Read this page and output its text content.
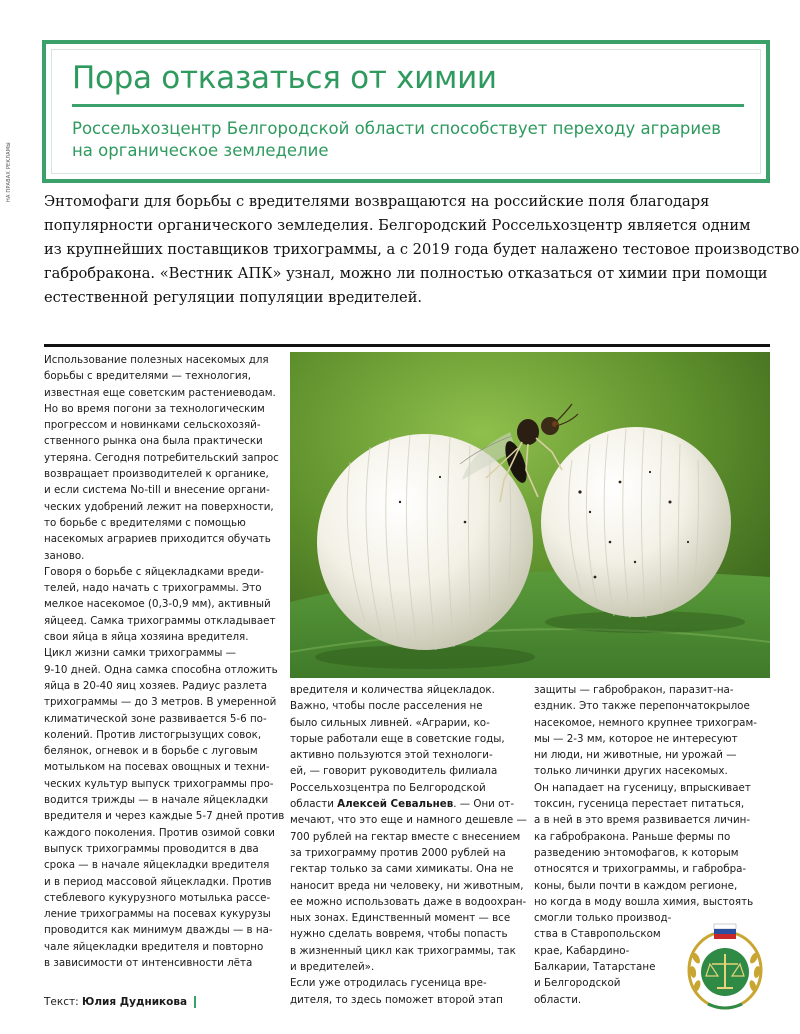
НА ПРАВАХ РЕКЛАМЫ
Пора отказаться от химии
Россельхозцентр Белгородской области способствует переходу аграриев на органическое земледелие

Энтомофаги для борьбы с вредителями возвращаются на российские поля благодаря

популярности органического земледелия. Белгородский Россельхозцентр является одним

из крупнейших поставщиков трихограммы, а с 2019 года будет налажено тестовое производство

габробракона. «Вестник АПК» узнал, можно ли полностью отказаться от химии при помощи

естественной регуляции популяции вредителей.

Использование полезных насекомых для

борьбы с вредителями — технология,

известная еще советским растениеводам.

Но во время погони за технологическим

прогрессом и новинками сельскохозяй-

ственного рынка она была практически

утеряна. Сегодня потребительский запрос

возвращает производителей к органике,

и если система No-till и внесение органи-

ческих удобрений лежит на поверхности,

то борьбе с вредителями с помощью

насекомых аграриев приходится обучать

заново.

Говоря о борьбе с яйцекладками вреди-

телей, надо начать с трихограммы. Это

мелкое насекомое (0,3-0,9 мм), активный

яйцеед. Самка трихограммы откладывает

свои яйца в яйца хозяина вредителя.

Цикл жизни самки трихограммы —

9-10 дней. Одна самка способна отложить

яйца в 20-40 яиц хозяев. Радиус разлета

трихограммы — до 3 метров. В умеренной

климатической зоне развивается 5-6 по-

колений. Против листогрызущих совок,

белянок, огневок и в борьбе с луговым

мотыльком на посевах овощных и техни-

ческих культур выпуск трихограммы про-

водится трижды — в начале яйцекладки

вредителя и через каждые 5-7 дней против

каждого поколения. Против озимой совки

выпуск трихограммы проводится в два

срока — в начале яйцекладки вредителя

и в период массовой яйцекладки. Против

стеблевого кукурузного мотылька рассе-

ление трихограммы на посевах кукурузы

проводится как минимум дважды — в на-

чале яйцекладки вредителя и повторно

в зависимости от интенсивности лёта

вредителя и количества яйцекладок.

Важно, чтобы после расселения не

было сильных ливней. «Аграрии, ко-

торые работали еще в советские годы,

активно пользуются этой технологи-

ей, — говорит руководитель филиала

Россельхозцентра по Белгородской

области Алексей Севальнев. — Они от-

мечают, что это еще и намного дешевле —

700 рублей на гектар вместе с внесением

за трихограмму против 2000 рублей на

гектар только за сами химикаты. Она не

наносит вреда ни человеку, ни животным,

ее можно использовать даже в водоохран-

ных зонах. Единственный момент — все

нужно сделать вовремя, чтобы попасть

в жизненный цикл как трихограммы, так

и вредителей».

Если уже отродилась гусеница вре-

дителя, то здесь поможет второй этап

защиты — габробракон, паразит-на-

ездник. Это также перепончатокрылое

насекомое, немного крупнее трихограм-

мы — 2-3 мм, которое не интересуют

ни люди, ни животные, ни урожай —

только личинки других насекомых.

Он нападает на гусеницу, впрыскивает

токсин, гусеница перестает питаться,

а в ней в это время развивается личин-

ка габробракона. Раньше фермы по

разведению энтомофагов, к которым

относятся и трихограммы, и габробра-

коны, были почти в каждом регионе,

но когда в моду вошла химия, выстоять

смогли только производ-

ства в Ставропольском

крае, Кабардино-

Балкарии, Татарстане

и Белгородской

области.

Текст: Юлия Дудникова
